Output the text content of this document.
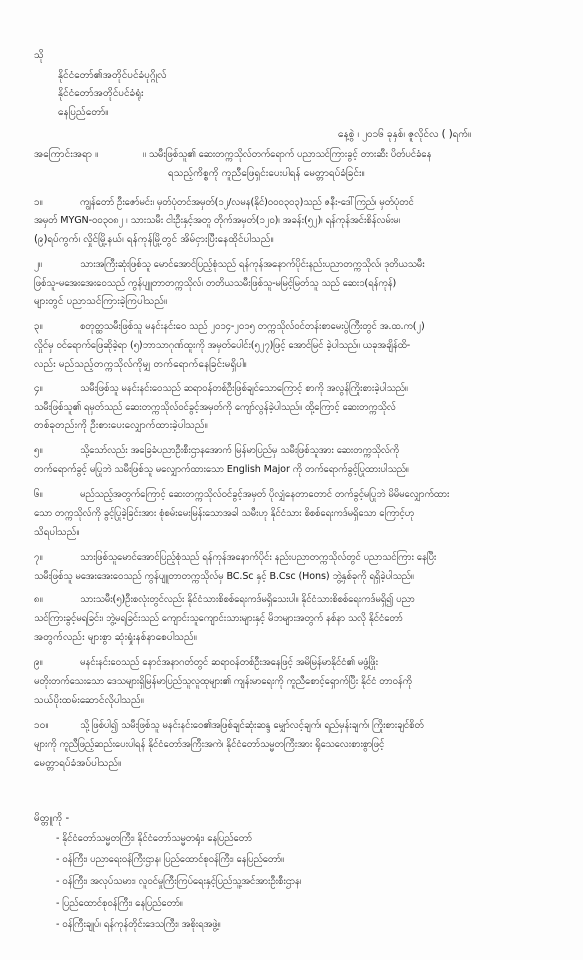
သို
နိုင်ငံတော်၏အတိုင်ပင်ခံပုဂ္ဂိုလ်
နိုင်ငံတော်အတိုင်ပင်ခံရုံး
နေပြည်တော်။
နေ့စွဲ ၊ ၂၀၁၆ ခုနှစ်၊ ဇူလိုင်လ ( )ရက်။
အကြောင်းအရာ ။	။ သမီးဖြစ်သူ၏ ဆေးတက္ကသိုလ်တက်ရောက် ပညာသင်ကြားခွင့် တားဆီး ပိတ်ပင်ခံနေ
ရသည့်ကိစ္စကို ကူညီဖြေရှင်းပေးပါရန် မေတ္တာရပ်ခံခြင်း။
၁။	ကျွန်တော် ဦးဇော်မင်း၊ မှတ်ပုံတင်အမှတ်(၁၂/လမန(နိုင်)၀၀၀၃၀၃)သည် ဇနီး-ဒေါ်ကြည်၊ မှတ်ပုံတင်
အမှတ် MYGN-၀၀၃၀၈၂ ၊ သားသမီး ငါးဦးနှင့်အတူ တိုက်အမှတ်(၁၂၀)၊ အခန်း(၅၂)၊ ရန်ကုန်အင်းစိန်လမ်းမ၊
(၉)ရပ်ကွက်၊ လှိုင်မြို့နယ်၊ ရန်ကုန်မြို့တွင် အိမ်ငှားပြီးနေထိုင်ပါသည်။
၂။	သားအကြီးဆုံးဖြစ်သူ မောင်အောင်ပြည့်စုံသည် ရန်ကုန်အနောက်ပိုင်းနည်းပညာတက္ကသိုလ်၊ ဒုတိယသမီး
ဖြစ်သူ-မအေးအေးဝေသည် ကွန်ပျူတာတက္ကသိုလ်၊ တတိယသမီးဖြစ်သူ-မမြင့်မြတ်သူ သည် ဆေး၁(ရန်ကုန်)
များတွင် ပညာသင်ကြားခဲ့ကြပါသည်။
၃။	စတုတ္ထသမီးဖြစ်သူ မနင်းနင်းဝေ သည် ၂၀၁၄-၂၀၁၅ တက္ကသိုလ်ဝင်တန်းစာမေးပွဲကြီးတွင် အ.ထ.က(၂)
လှိုင်မှ ဝင်ရောက်ဖြေဆိုခဲ့ရာ (၅)ဘာသာဂုဏ်ထူးကို အမှတ်ပေါင်း(၅၂၇)ဖြင့် အောင်မြင် ခဲ့ပါသည်။ ယခုအချိန်ထိ-
လည်း မည်သည့်တက္ကသိုလ်ကိုမျှ တက်ရောက်နေခြင်းမရှိပါ။
၄။	သမီးဖြစ်သူ မနင်းနင်းဝေသည် ဆရာဝန်တစ်ဦးဖြစ်ချင်သောကြောင့် စာကို အလွန်ကြိုးစားခဲ့ပါသည်။
သမီးဖြစ်သူ၏ ရမှတ်သည် ဆေးတက္ကသိုလ်ဝင်ခွင့်အမှတ်ကို ကျော်လွန်ခဲ့ပါသည်။ ထို့ကြောင့် ဆေးတက္ကသိုလ်
တစ်ခုတည်းကို ဦးစားပေးလျှောက်ထားခဲ့ပါသည်။
၅။	သို့သော်လည်း အခြေခံပညာဦးစီးဌာနအောက် မြန်မာပြည်မှ သမီးဖြစ်သူအား ဆေးတက္ကသိုလ်ကို
တက်ရောက်ခွင့် မပြုဘဲ သမီးဖြစ်သူ မလျှောက်ထားသော English Major ကို တက်ရောက်ခွင့်ပြုထားပါသည်။
၆။	မည်သည့်အတွက်ကြောင့် ဆေးတက္ကသိုလ်ဝင်ခွင့်အမှတ် ပိုလျှံနေတာတောင် တက်ခွင့်မပြုဘဲ မိမိမလျှောက်ထား
သော တက္ကသိုလ်ကို ခွင့်ပြုခဲ့ခြင်းအား စုံစမ်းမေးမြန်းသောအခါ သမီးဟု နိုင်ငံသား စိစစ်ရေးကဒ်မရှိသော ကြောင့်ဟု
သိရပါသည်။
၇။	သားဖြစ်သူမောင်အောင်ပြည့်စုံသည် ရန်ကုန်အနောက်ပိုင်း နည်းပညာတက္ကသိုလ်တွင် ပညာသင်ကြား နေပြီး
သမီးဖြစ်သူ မအေးအေးဝေသည် ကွန်ပျူတာတက္ကသိုလ်မှ BC.Sc နှင့် B.Csc (Hons) ဘွဲ့နှစ်ခုကို ရရှိခဲ့ပါသည်။
၈။	သားသမီး(၅)ဦးစလုံးတွင်လည်း နိုင်ငံသားစိစစ်ရေးကဒ်မရှိသေးပါ။ နိုင်ငံသားစိစစ်ရေးကဒ်မရှိ၍ ပညာ
သင်ကြားခွင့်မရခြင်း၊ ဘွဲ့မရခြင်းသည် ကျောင်းသူကျောင်းသားများနှင့် မိဘများအတွက် နစ်နာ သလို နိုင်ငံတော်
အတွက်လည်း များစွာ ဆုံးရှုံးနစ်နာစေပါသည်။
၉။	မနင်းနင်းဝေသည် နောင်အနာဂတ်တွင် ဆရာဝန်တစ်ဦးအနေဖြင့် အမိမြန်မာနိုင်ငံ၏ မဖွံ့ဖြိုး
မတိုးတက်သေးသော ဒေသများရှိမြန်မာပြည်သူလူထုများ၏ ကျန်းမာရေးကို ကူညီစောင့်ရှောက်ပြီး နိုင်ငံ တာဝန်ကို
သယ်ပိုးထမ်းဆောင်လိုပါသည်။
၁၀။	သို့ဖြစ်ပါ၍ သမီးဖြစ်သူ မနင်းနင်းဝေ၏အဖြစ်ချင်ဆုံးဆန္ဒ မျှော်လင့်ချက်၊ ရည်မှန်းချက်၊ ကြိုးစားချင်စိတ်
များကို ကူညီဖြည့်ဆည်းပေးပါရန် နိုင်ငံတော်အကြီးအကဲ၊ နိုင်ငံတော်သမ္မတကြီးအား ရိုသေလေးစားစွာဖြင့်
မေတ္တာရပ်ခံအပ်ပါသည်။
မိတ္တူကို -
- နိုင်ငံတော်သမ္မတကြီး၊ နိုင်ငံတော်သမ္မတရုံး၊ နေပြည်တော်
- ဝန်ကြီး၊ ပညာရေးဝန်ကြီးဌာန၊ ပြည်ထောင်စုဝန်ကြီး၊ နေပြည်တော်။
- ဝန်ကြီး၊ အလုပ်သမား၊ လူဝင်မှုကြီးကြပ်ရေးနှင့်ပြည်သူ့အင်အားဦးစီးဌာန၊
- ပြည်ထောင်စုဝန်ကြီး၊ နေပြည်တော်။
- ဝန်ကြီးချုပ်၊ ရန်ကုန်တိုင်းဒေသကြီး၊ အစိုးရအဖွဲ့။
